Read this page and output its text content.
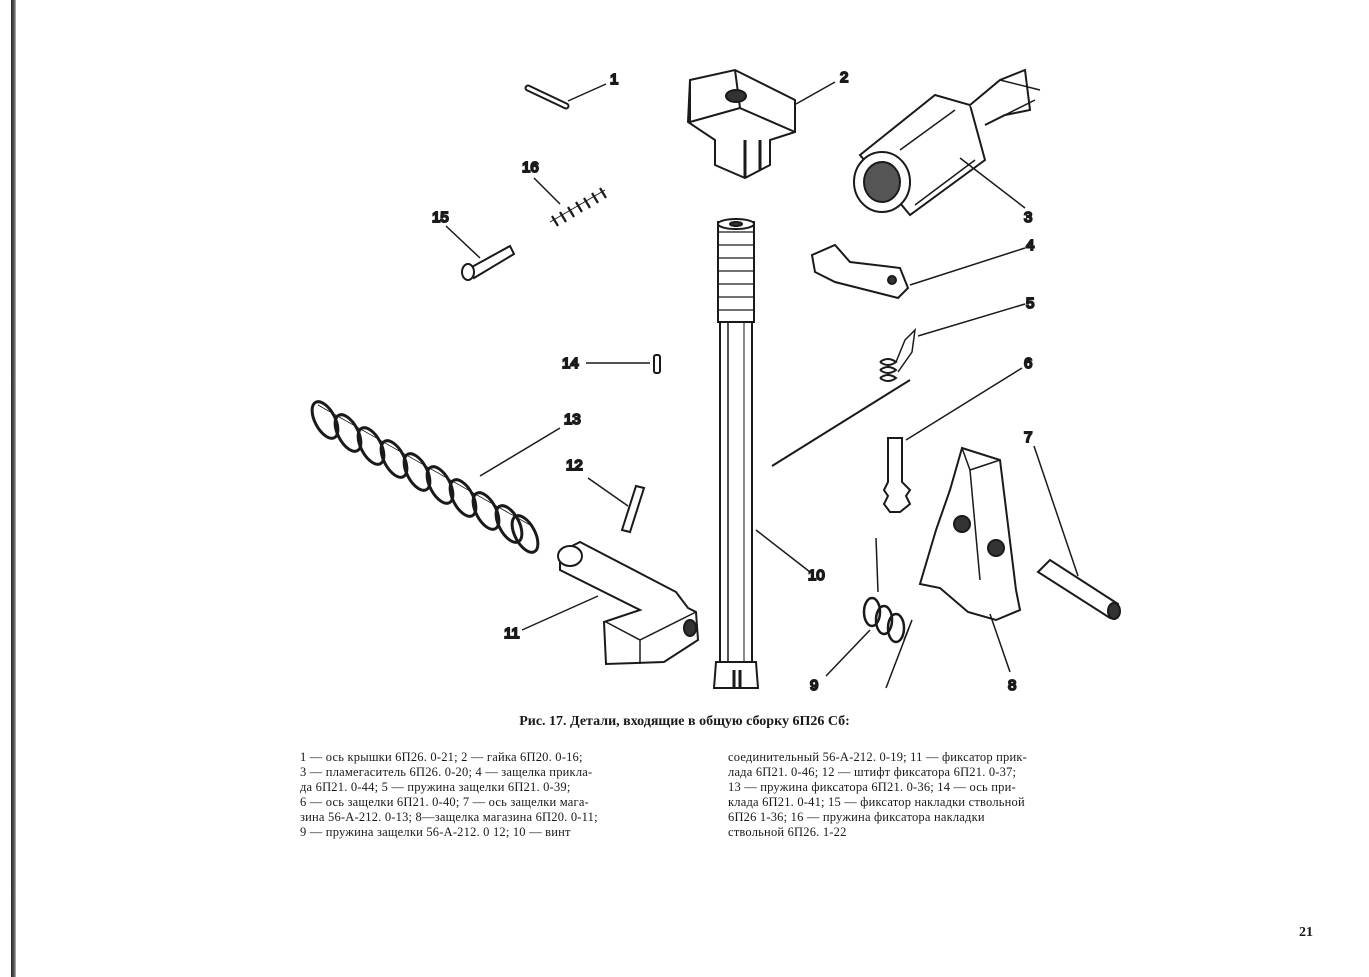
1	2
3
4
5
6
7
8
9
10
11
12
13
14
15
16
Рис. 17. Детали, входящие в общую сборку 6П26 Сб:
1 — ось крышки 6П26. 0-21; 2 — гайка 6П20. 0-16;
3 — пламегаситель 6П26. 0-20; 4 — защелка прикла-
да 6П21. 0-44; 5 — пружина защелки 6П21. 0-39;
6 — ось защелки 6П21. 0-40; 7 — ось защелки мага-
зина 56-А-212. 0-13; 8—защелка магазина 6П20. 0-11;
9 — пружина защелки 56-А-212. 0 12; 10 — винт
соединительный 56-А-212. 0-19; 11 — фиксатор прик-
лада 6П21. 0-46; 12 — штифт фиксатора 6П21. 0-37;
13 — пружина фиксатора 6П21. 0-36; 14 — ось при-
клада 6П21. 0-41; 15 — фиксатор накладки ствольной
6П26 1-36; 16 — пружина фиксатора накладки
ствольной 6П26. 1-22
21
